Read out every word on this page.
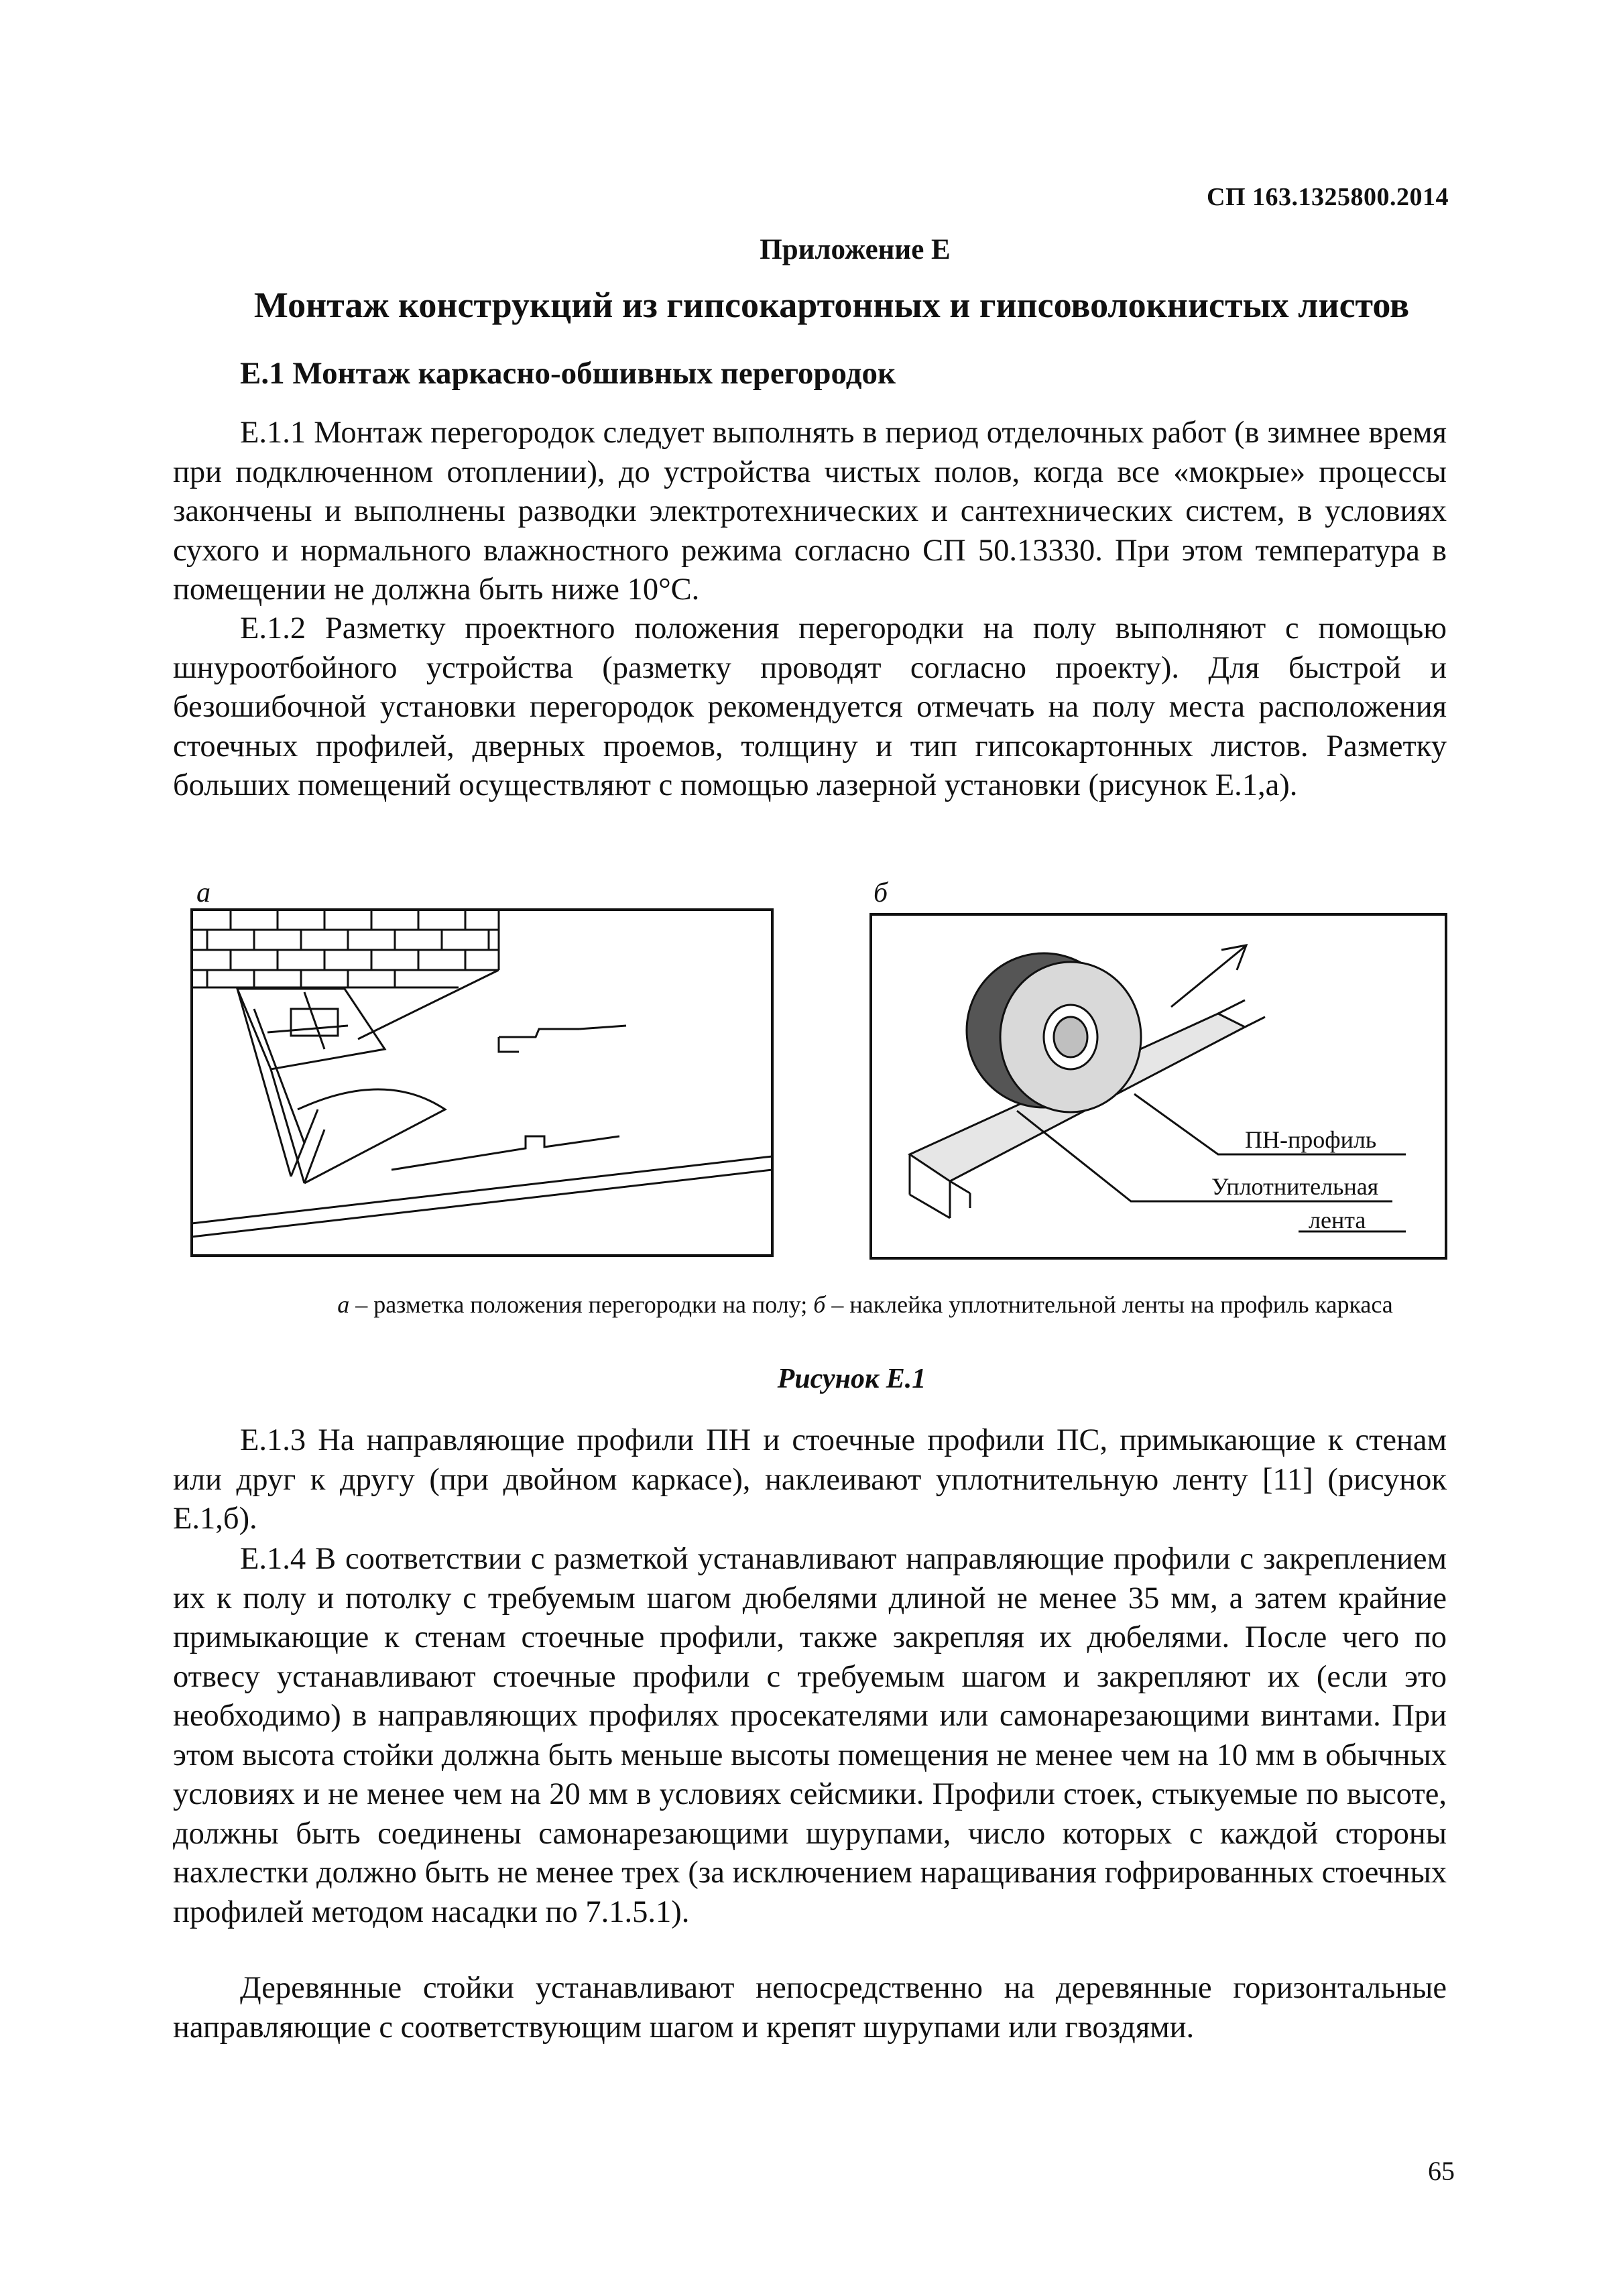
СП 163.1325800.2014
Приложение Е
Монтаж конструкций из гипсокартонных и гипсоволокнистых листов
Е.1 Монтаж каркасно-обшивных перегородок

Е.1.1 Монтаж перегородок следует выполнять в период отделочных работ (в зимнее время при подключенном отоплении), до устройства чистых полов, когда все «мокрые» процессы закончены и выполнены разводки электротехнических и сантехнических систем, в условиях сухого и нормального влажностного режима согласно СП 50.13330. При этом температура в помещении не должна быть ниже 10°С.

Е.1.2 Разметку проектного положения перегородки на полу выполняют с помощью шнуроотбойного устройства (разметку проводят согласно проекту). Для быстрой и безошибочной установки перегородок рекомендуется отмечать на полу места расположения стоечных профилей, дверных проемов, толщину и тип гипсокартонных листов. Разметку больших помещений осуществляют с помощью лазерной установки (рисунок Е.1,а).

а	б
ПН-профиль
Уплотнительная
лента
а – разметка положения перегородки на полу; б – наклейка уплотнительной ленты на профиль каркаса
Рисунок Е.1

Е.1.3 На направляющие профили ПН и стоечные профили ПС, примыкающие к стенам или друг к другу (при двойном каркасе), наклеивают уплотнительную ленту [11] (рисунок Е.1,б).

Е.1.4 В соответствии с разметкой устанавливают направляющие профили с закреплением их к полу и потолку с требуемым шагом дюбелями длиной не менее 35 мм, а затем крайние примыкающие к стенам стоечные профили, также закрепляя их дюбелями. После чего по отвесу устанавливают стоечные профили с требуемым шагом и закрепляют их (если это необходимо) в направляющих профилях просекателями или самонарезающими винтами. При этом высота стойки должна быть меньше высоты помещения не менее чем на 10 мм в обычных условиях и не менее чем на 20 мм в условиях сейсмики. Профили стоек, стыкуемые по высоте, должны быть соединены самонарезающими шурупами, число которых с каждой стороны нахлестки должно быть не менее трех (за исключением наращивания гофрированных стоечных профилей методом насадки по 7.1.5.1).

Деревянные стойки устанавливают непосредственно на деревянные горизонтальные направляющие с соответствующим шагом и крепят шурупами или гвоздями.

65
